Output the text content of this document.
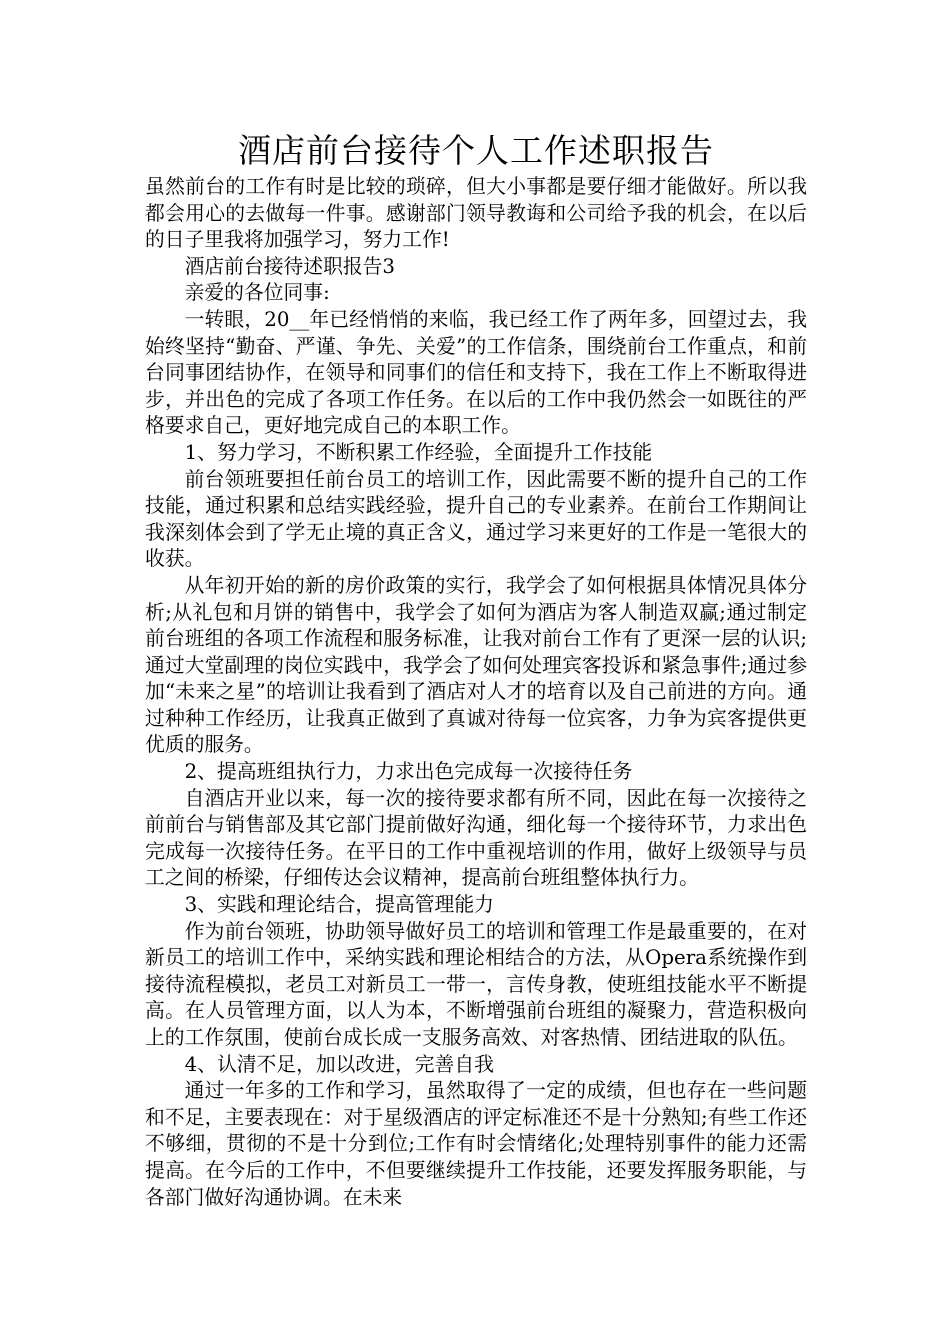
酒店前台接待个人工作述职报告

虽然前台的工作有时是比较的琐碎，但大小事都是要仔细才能做好。所以我都会用心的去做每一件事。感谢部门领导教诲和公司给予我的机会，在以后的日子里我将加强学习，努力工作!

酒店前台接待述职报告3

亲爱的各位同事:

一转眼，20__年已经悄悄的来临，我已经工作了两年多，回望过去，我始终坚持“勤奋、严谨、争先、关爱”的工作信条，围绕前台工作重点，和前台同事团结协作，在领导和同事们的信任和支持下，我在工作上不断取得进步，并出色的完成了各项工作任务。在以后的工作中我仍然会一如既往的严格要求自己，更好地完成自己的本职工作。

1、努力学习，不断积累工作经验，全面提升工作技能

前台领班要担任前台员工的培训工作，因此需要不断的提升自己的工作技能，通过积累和总结实践经验，提升自己的专业素养。在前台工作期间让我深刻体会到了学无止境的真正含义，通过学习来更好的工作是一笔很大的收获。

从年初开始的新的房价政策的实行，我学会了如何根据具体情况具体分析;从礼包和月饼的销售中，我学会了如何为酒店为客人制造双赢;通过制定前台班组的各项工作流程和服务标准，让我对前台工作有了更深一层的认识;通过大堂副理的岗位实践中，我学会了如何处理宾客投诉和紧急事件;通过参加“未来之星”的培训让我看到了酒店对人才的培育以及自己前进的方向。通过种种工作经历，让我真正做到了真诚对待每一位宾客，力争为宾客提供更优质的服务。

2、提高班组执行力，力求出色完成每一次接待任务

自酒店开业以来，每一次的接待要求都有所不同，因此在每一次接待之前前台与销售部及其它部门提前做好沟通，细化每一个接待环节，力求出色完成每一次接待任务。在平日的工作中重视培训的作用，做好上级领导与员工之间的桥梁，仔细传达会议精神，提高前台班组整体执行力。

3、实践和理论结合，提高管理能力

作为前台领班，协助领导做好员工的培训和管理工作是最重要的，在对新员工的培训工作中，采纳实践和理论相结合的方法，从Opera系统操作到接待流程模拟，老员工对新员工一带一，言传身教，使班组技能水平不断提高。在人员管理方面，以人为本，不断增强前台班组的凝聚力，营造积极向上的工作氛围，使前台成长成一支服务高效、对客热情、团结进取的队伍。

4、认清不足，加以改进，完善自我

通过一年多的工作和学习，虽然取得了一定的成绩，但也存在一些问题和不足，主要表现在：对于星级酒店的评定标准还不是十分熟知;有些工作还不够细，贯彻的不是十分到位;工作有时会情绪化;处理特别事件的能力还需提高。在今后的工作中，不但要继续提升工作技能，还要发挥服务职能，与各部门做好沟通协调。在未来
